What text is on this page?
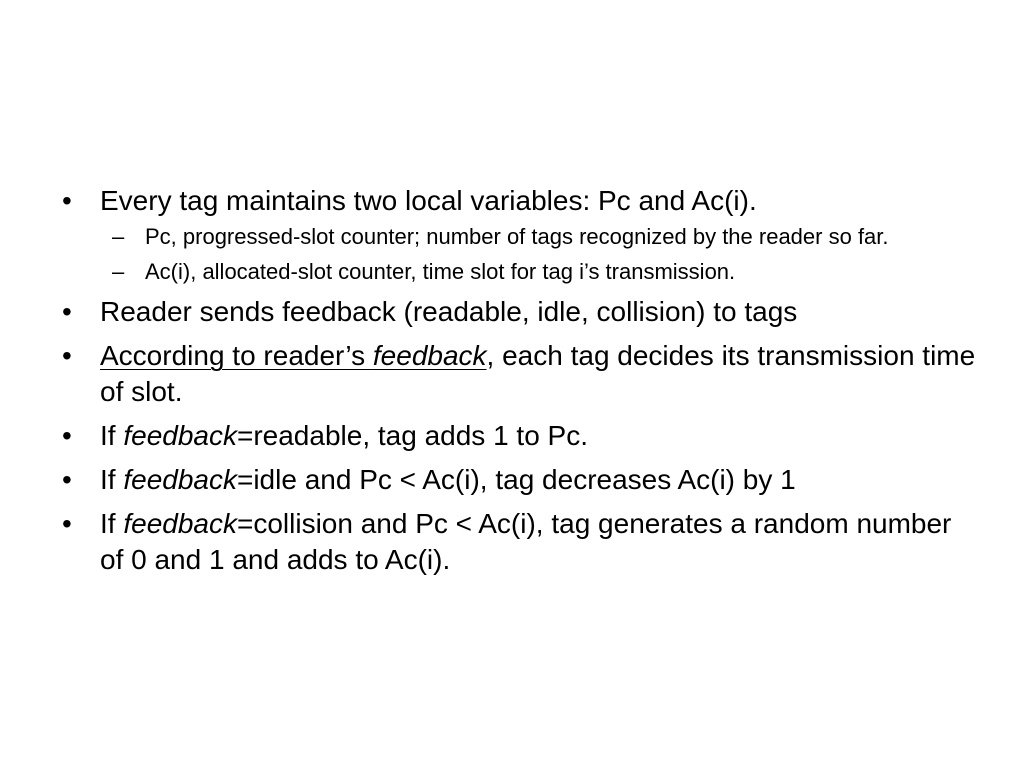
• Every tag maintains two local variables: Pc and Ac(i).
– Pc, progressed-slot counter; number of tags recognized by the reader so far.
– Ac(i), allocated-slot counter, time slot for tag i’s transmission.
• Reader sends feedback (readable, idle, collision) to tags
• According to reader’s feedback, each tag decides its transmission time of slot.
• If feedback=readable, tag adds 1 to Pc.
• If feedback=idle and Pc < Ac(i), tag decreases Ac(i) by 1
• If feedback=collision and Pc < Ac(i), tag generates a random number of 0 and 1 and adds to Ac(i).
